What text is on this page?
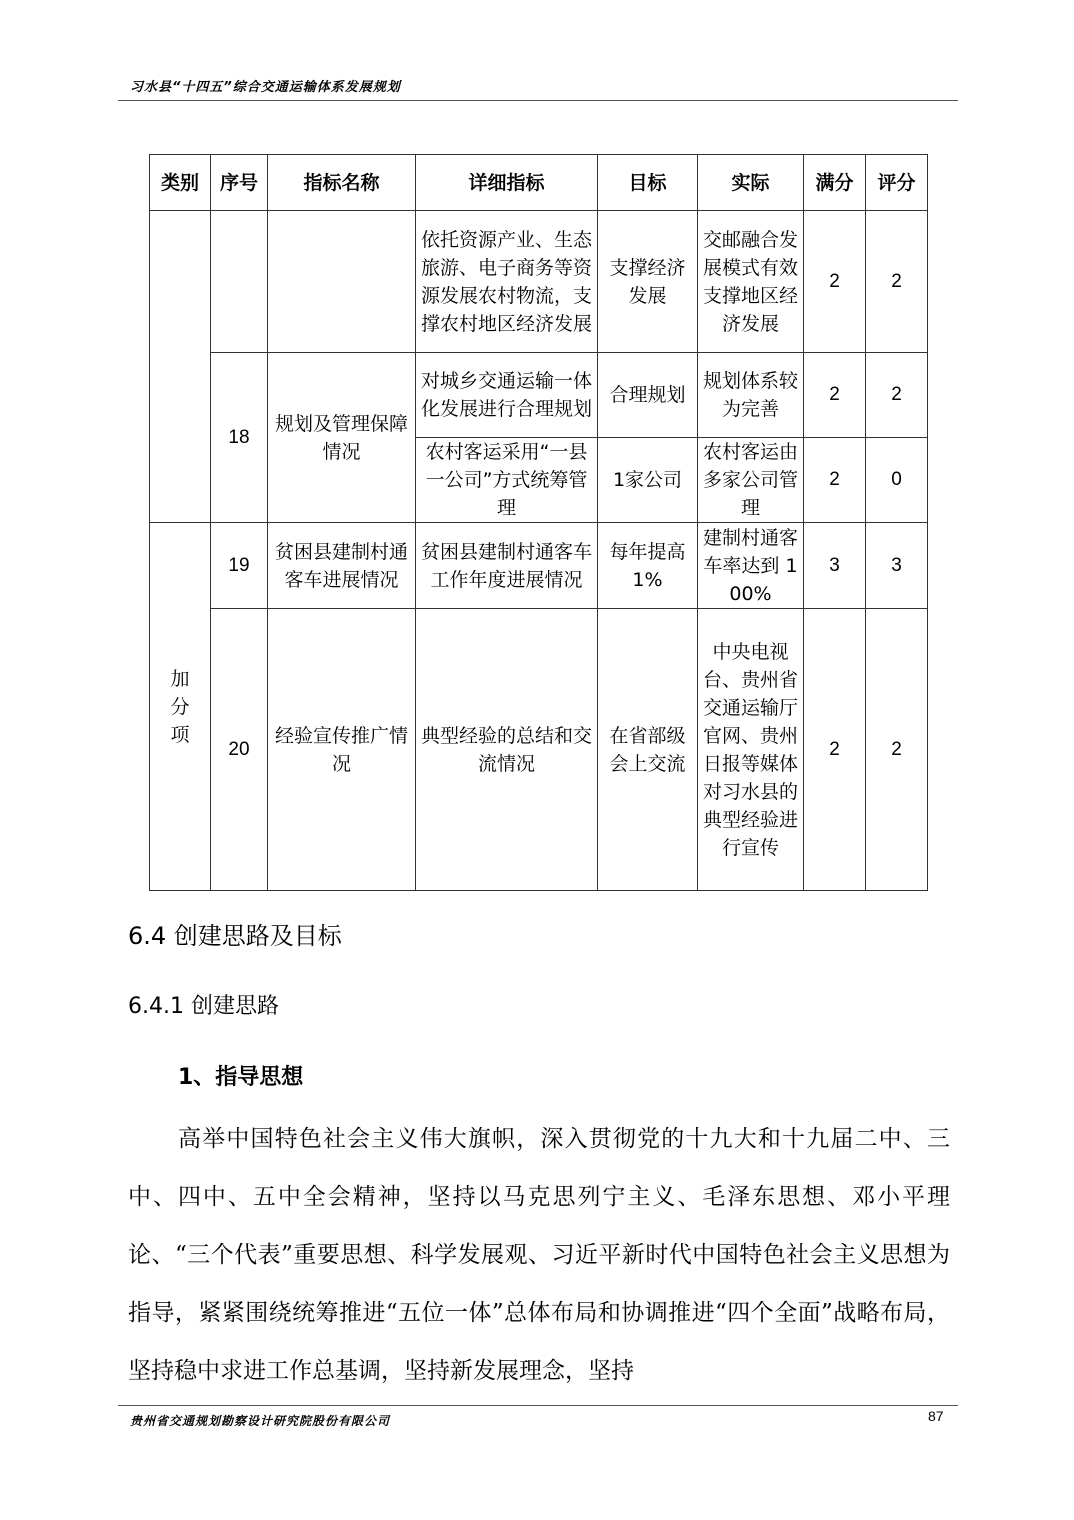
习水县“十四五”综合交通运输体系发展规划
类别	序号	指标名称	详细指标	目标	实际	满分	评分
			依托资源产业、生态旅游、电子商务等资源发展农村物流，支撑农村地区经济发展	支撑经济发展	交邮融合发展模式有效支撑地区经济发展	2	2
	18	规划及管理保障情况	对城乡交通运输一体化发展进行合理规划	合理规划	规划体系较为完善	2	2
			农村客运采用“一县一公司”方式统筹管理	1家公司	农村客运由多家公司管理	2	0
加分项	19	贫困县建制村通客车进展情况	贫困县建制村通客车工作年度进展情况	每年提高 1%	建制村通客车率达到 100%	3	3
	20	经验宣传推广情况	典型经验的总结和交流情况	在省部级会上交流	中央电视台、贵州省交通运输厅官网、贵州日报等媒体对习水县的典型经验进行宣传	2	2
6.4 创建思路及目标
6.4.1 创建思路
1、指导思想
高举中国特色社会主义伟大旗帜，深入贯彻党的十九大和十九届二中、三中、四中、五中全会精神，坚持以马克思列宁主义、毛泽东思想、邓小平理论、“三个代表”重要思想、科学发展观、习近平新时代中国特色社会主义思想为指导，紧紧围绕统筹推进“五位一体”总体布局和协调推进“四个全面”战略布局，坚持稳中求进工作总基调，坚持新发展理念，坚持
贵州省交通规划勘察设计研究院股份有限公司	87
